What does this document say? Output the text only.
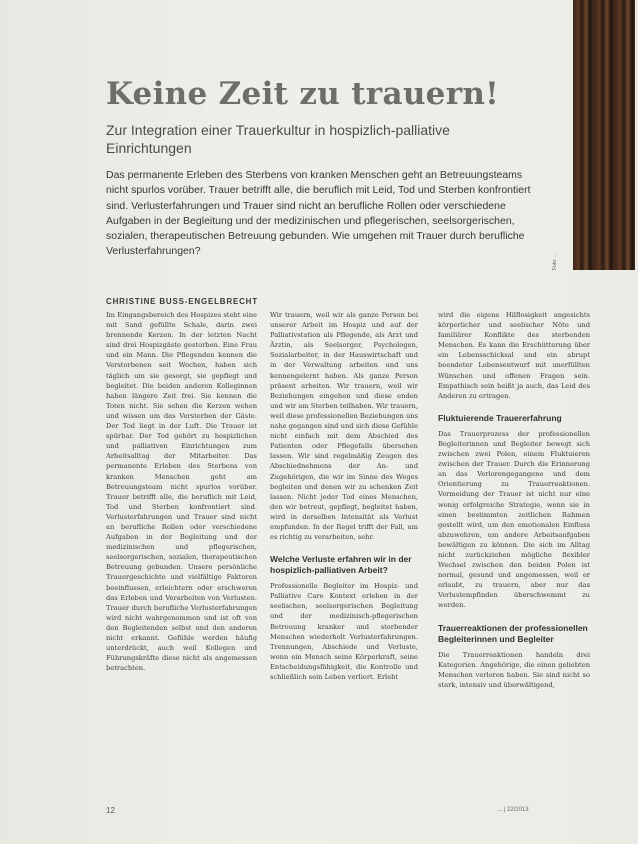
Foto: ...
Keine Zeit zu trauern!
Zur Integration einer Trauerkultur in hospizlich-palliative Einrichtungen

Das permanente Erleben des Sterbens von kranken Menschen geht an Betreuungsteams nicht spurlos vorüber. Trauer betrifft alle, die beruflich mit Leid, Tod und Sterben konfrontiert sind. Verlusterfahrungen und Trauer sind nicht an berufliche Rollen oder verschiedene Aufgaben in der Begleitung und der medizinischen und pflegerischen, seelsorgerischen, sozialen, therapeutischen Betreuung gebunden. Wie umgehen mit Trauer durch berufliche Verlusterfahrungen?

CHRISTINE BUSS-ENGELBRECHT

Im Eingangsbereich des Hospizes steht eine mit Sand gefüllte Schale, darin zwei brennende Kerzen. In der letzten Nacht sind drei Hospizgäste gestorben. Eine Frau und ein Mann. Die Pflegenden kennen die Verstorbenen seit Wochen, haben sich täglich um sie gesorgt, sie gepflegt und begleitet. Die beiden anderen Kolleginnen haben längere Zeit frei. Sie kennen die Toten nicht. Sie sehen die Kerzen wehen und wissen um das Versterben der Gäste. Der Tod liegt in der Luft. Die Trauer ist spürbar. Der Tod gehört zu hospizlichen und palliativen Einrichtungen zum Arbeitsalltag der Mitarbeiter. Das permanente Erleben des Sterbens von kranken Menschen geht am Betreuungsteam nicht spurlos vorüber. Trauer betrifft alle, die beruflich mit Leid, Tod und Sterben konfrontiert sind. Verlusterfahrungen und Trauer sind nicht an berufliche Rollen oder verschiedene Aufgaben in der Begleitung und der medizinischen und pflegerischen, seelsorgerischen, sozialen, therapeutischen Betreuung gebunden. Unsere persönliche Trauergeschichte und vielfältige Faktoren beeinflussen, erleichtern oder erschweren das Erleben und Verarbeiten von Verlusten. Trauer durch berufliche Verlusterfahrungen wird nicht wahrgenommen und ist oft von den Begleitenden selbst und den anderen nicht erkannt. Gefühle werden häufig unterdrückt, auch weil Kollegen und Führungskräfte diese nicht als angemessen betrachten.

Wir trauern, weil wir als ganze Person bei unserer Arbeit im Hospiz und auf der Palliativstation als Pflegende, als Arzt und Ärztin, als Seelsorger, Psychologen, Sozialarbeiter, in der Hauswirtschaft und in der Verwaltung arbeiten und uns kennengelernt haben. Als ganze Person präsent arbeiten. Wir trauern, weil wir Beziehungen eingehen und diese enden und wir am Sterben teilhaben. Wir trauern, weil diese professionellen Beziehungen uns nahe gegangen sind und sich diese Gefühle nicht einfach mit dem Abschied des Patienten oder Pflegefalls übersehen lassen. Wir sind regelmäßig Zeugen des Abschiednehmens der An- und Zugehörigen, die wir im Sinne des Weges begleiten und denen wir zu schenken Zeit lassen. Nicht jeder Tod eines Menschen, den wir betreut, gepflegt, begleitet haben, wird in derselben Intensität als Verlust empfunden. In der Regel trifft der Fall, um es richtig zu verarbeiten, sehr.

Welche Verluste erfahren wir in der hospizlich-palliativen Arbeit?

Professionelle Begleiter im Hospiz- und Palliative Care Kontext erleben in der seelischen, seelsorgerischen Begleitung und der medizinisch-pflegerischen Betreuung kranker und sterbender Menschen wiederholt Verlusterfahrungen. Trennungen, Abschiede und Verluste, wenn ein Mensch seine Körperkraft, seine Entscheidungsfähigkeit, die Kontrolle und schließlich sein Leben verliert. Erlebt

wird die eigene Hilflosigkeit angesichts körperlicher und seelischer Nöte und familiärer Konflikte des sterbenden Menschen. Es kann die Erschütterung über ein Lebensschicksal und ein abrupt beendeter Lebensentwurf mit unerfüllten Wünschen und offenen Fragen sein. Empathisch sein heißt ja auch, das Leid des Anderen zu ertragen.

Fluktuierende Trauererfahrung

Das Trauerprozess der professionellen Begleiterinnen und Begleiter bewegt sich zwischen zwei Polen, einem Fluktuieren zwischen der Trauer. Durch die Erinnerung an das Verlorengegangene und dem Orientierung zu Trauerreaktionen. Vermeidung der Trauer ist nicht nur eine wenig erfolgreiche Strategie, wenn sie in einen bestimmten zeitlichen Rahmen gestellt wird, um den emotionalen Einfluss abzuwehren, um andere Arbeitsaufgaben bewältigen zu können. Die sich im Alltag nicht zurückziehen mögliche flexibler Wechsel zwischen den beiden Polen ist normal, gesund und angemessen, weil er erlaubt, zu trauern, aber nur das Verlustempfinden überschwemmt zu werden.

Trauerreaktionen der professionellen Begleiterinnen und Begleiter

Die Trauerreaktionen handeln drei Kategorien. Angehörige, die einen geliebten Menschen verloren haben. Sie sind nicht so stark, intensiv und überwältigend,

12	... | 22/2013
